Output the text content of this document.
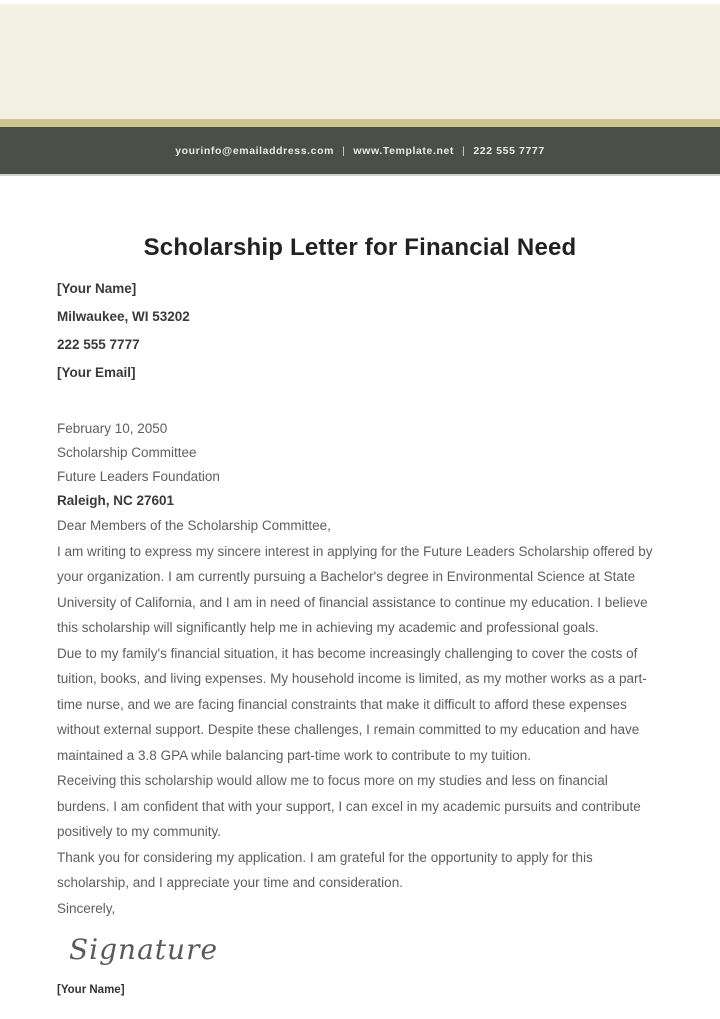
yourinfo@emailaddress.com | www.Template.net | 222 555 7777
Scholarship Letter for Financial Need
[Your Name]
Milwaukee, WI 53202
222 555 7777
[Your Email]
February 10, 2050
Scholarship Committee
Future Leaders Foundation
Raleigh, NC 27601

Dear Members of the Scholarship Committee,

I am writing to express my sincere interest in applying for the Future Leaders Scholarship offered by your organization. I am currently pursuing a Bachelor's degree in Environmental Science at State University of California, and I am in need of financial assistance to continue my education. I believe this scholarship will significantly help me in achieving my academic and professional goals.

Due to my family's financial situation, it has become increasingly challenging to cover the costs of tuition, books, and living expenses. My household income is limited, as my mother works as a part-time nurse, and we are facing financial constraints that make it difficult to afford these expenses without external support. Despite these challenges, I remain committed to my education and have maintained a 3.8 GPA while balancing part-time work to contribute to my tuition.

Receiving this scholarship would allow me to focus more on my studies and less on financial burdens. I am confident that with your support, I can excel in my academic pursuits and contribute positively to my community.

Thank you for considering my application. I am grateful for the opportunity to apply for this scholarship, and I appreciate your time and consideration.

Sincerely,

Signature
[Your Name]
